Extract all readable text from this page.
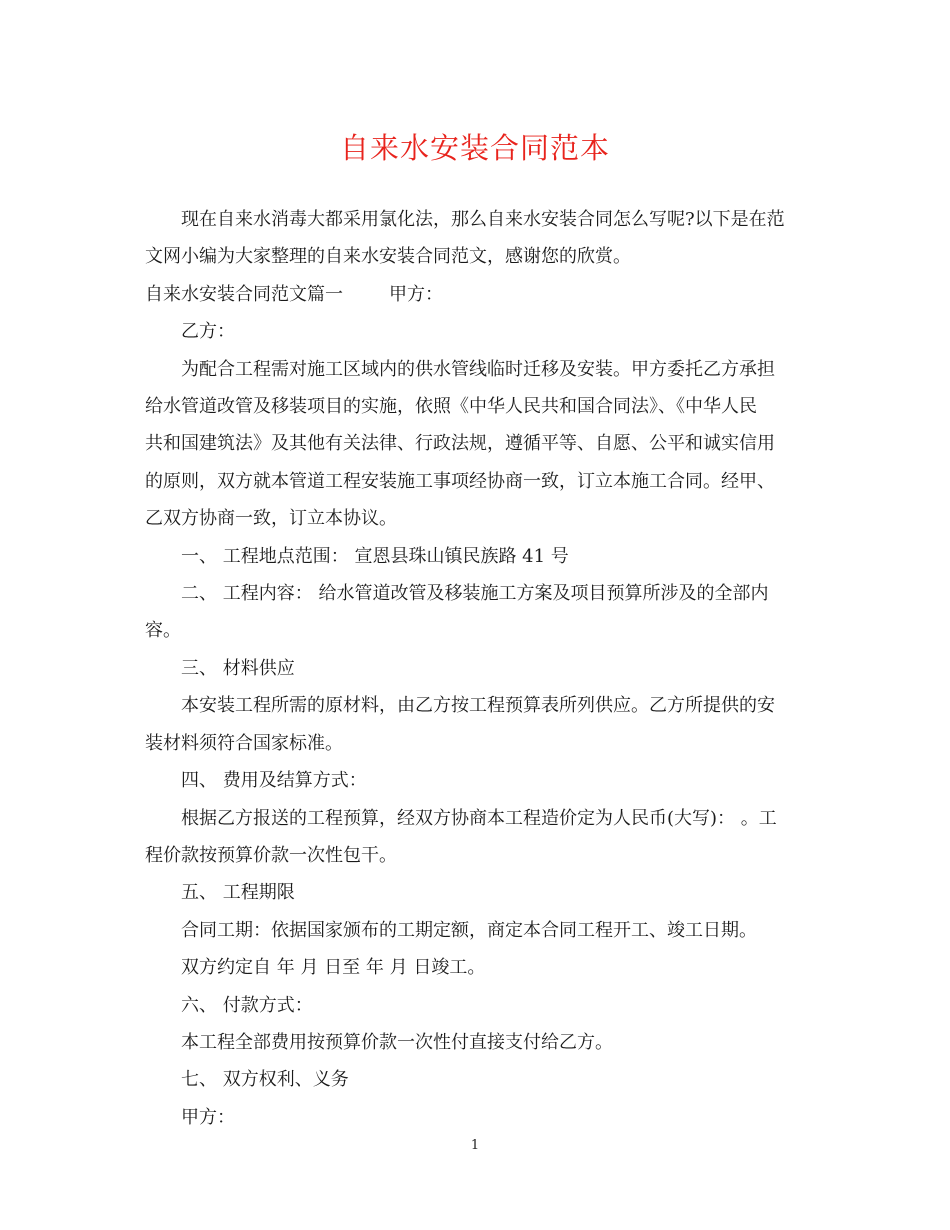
自来水安装合同范本

现在自来水消毒大都采用氯化法，那么自来水安装合同怎么写呢?以下是在范

文网小编为大家整理的自来水安装合同范文，感谢您的欣赏。

自来水安装合同范文篇一	甲方：

乙方：

为配合工程需对施工区域内的供水管线临时迁移及安装。甲方委托乙方承担

给水管道改管及移装项目的实施，依照《中华人民共和国合同法》、《中华人民

共和国建筑法》及其他有关法律、行政法规，遵循平等、自愿、公平和诚实信用

的原则，双方就本管道工程安装施工事项经协商一致，订立本施工合同。经甲、

乙双方协商一致，订立本协议。

一、 工程地点范围： 宣恩县珠山镇民族路 41 号

二、 工程内容： 给水管道改管及移装施工方案及项目预算所涉及的全部内

容。

三、 材料供应

本安装工程所需的原材料，由乙方按工程预算表所列供应。乙方所提供的安

装材料须符合国家标准。

四、 费用及结算方式：

根据乙方报送的工程预算，经双方协商本工程造价定为人民币(大写)： 。工

程价款按预算价款一次性包干。

五、 工程期限

合同工期：依据国家颁布的工期定额，商定本合同工程开工、竣工日期。

双方约定自 年 月 日至 年 月 日竣工。

六、 付款方式：

本工程全部费用按预算价款一次性付直接支付给乙方。

七、 双方权利、义务

甲方：

1
